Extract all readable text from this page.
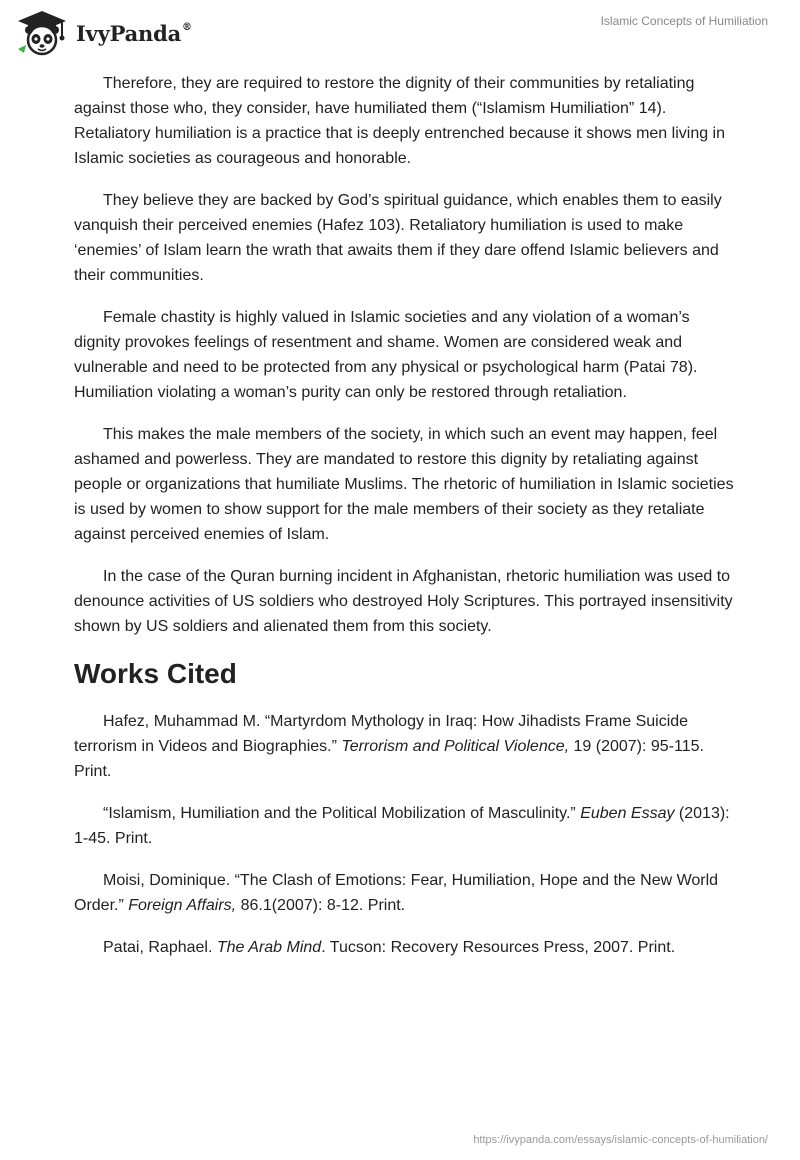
IvyPanda®	Islamic Concepts of Humiliation

Therefore, they are required to restore the dignity of their communities by retaliating against those who, they consider, have humiliated them (“Islamism Humiliation” 14). Retaliatory humiliation is a practice that is deeply entrenched because it shows men living in Islamic societies as courageous and honorable.

They believe they are backed by God’s spiritual guidance, which enables them to easily vanquish their perceived enemies (Hafez 103). Retaliatory humiliation is used to make ‘enemies’ of Islam learn the wrath that awaits them if they dare offend Islamic believers and their communities.

Female chastity is highly valued in Islamic societies and any violation of a woman’s dignity provokes feelings of resentment and shame. Women are considered weak and vulnerable and need to be protected from any physical or psychological harm (Patai 78). Humiliation violating a woman’s purity can only be restored through retaliation.

This makes the male members of the society, in which such an event may happen, feel ashamed and powerless. They are mandated to restore this dignity by retaliating against people or organizations that humiliate Muslims. The rhetoric of humiliation in Islamic societies is used by women to show support for the male members of their society as they retaliate against perceived enemies of Islam.

In the case of the Quran burning incident in Afghanistan, rhetoric humiliation was used to denounce activities of US soldiers who destroyed Holy Scriptures. This portrayed insensitivity shown by US soldiers and alienated them from this society.

Works Cited

Hafez, Muhammad M. “Martyrdom Mythology in Iraq: How Jihadists Frame Suicide terrorism in Videos and Biographies.” Terrorism and Political Violence, 19 (2007): 95-115. Print.

“Islamism, Humiliation and the Political Mobilization of Masculinity.” Euben Essay (2013): 1-45. Print.

Moisi, Dominique. “The Clash of Emotions: Fear, Humiliation, Hope and the New World Order.” Foreign Affairs, 86.1(2007): 8-12. Print.

Patai, Raphael. The Arab Mind. Tucson: Recovery Resources Press, 2007. Print.

https://ivypanda.com/essays/islamic-concepts-of-humiliation/
